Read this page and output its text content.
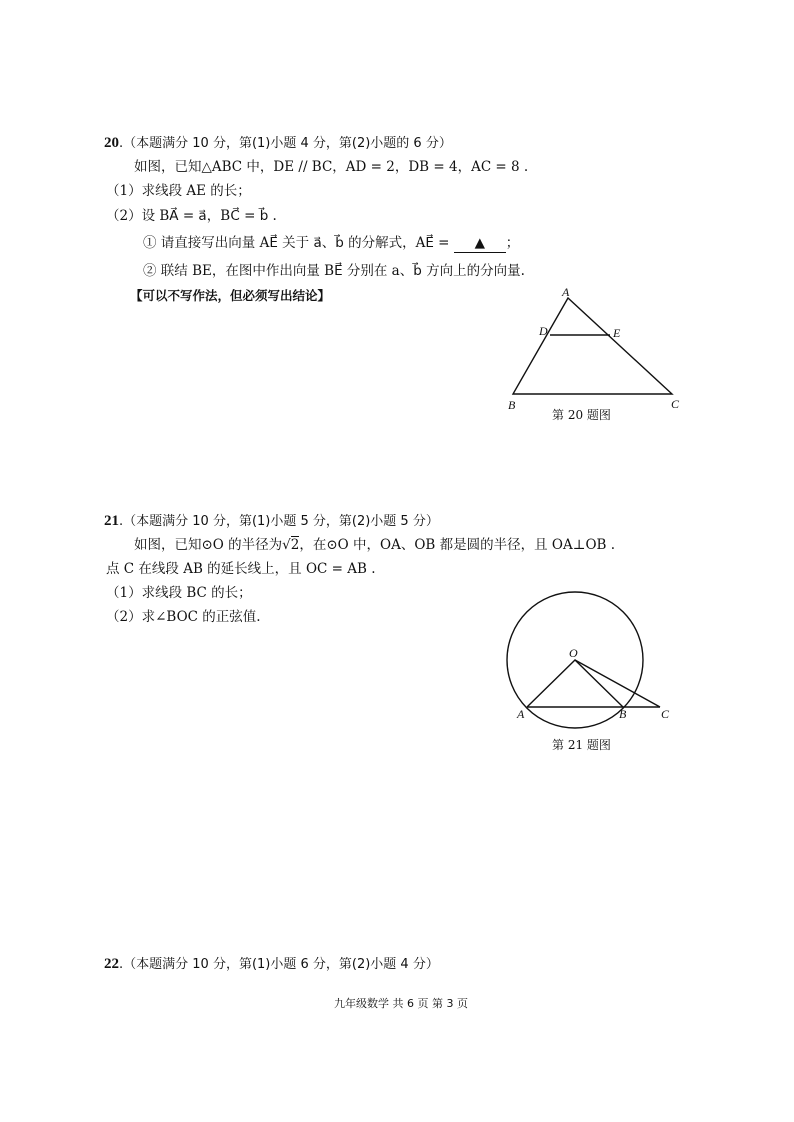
20.（本题满分 10 分，第(1)小题 4 分，第(2)小题的 6 分）
如图，已知△ABC 中，DE // BC，AD = 2，DB = 4，AC = 8 .
（1）求线段 AE 的长；
（2）设 BA⃗ = a⃗，BC⃗ = b⃗ .
① 请直接写出向量 AE⃗ 关于 a⃗、b⃗ 的分解式，AE⃗ = ▲ ；
② 联结 BE，在图中作出向量 BE⃗ 分别在 a、b⃗ 方向上的分向量.
【可以不写作法，但必须写出结论】	A
D	E
B	C
第 20 题图
21.（本题满分 10 分，第(1)小题 5 分，第(2)小题 5 分）
如图，已知⊙O 的半径为√2，在⊙O 中，OA、OB 都是圆的半径，且 OA⊥OB .
点 C 在线段 AB 的延长线上，且 OC = AB .
（1）求线段 BC 的长；
（2）求∠BOC 的正弦值.
O
A	B	C
第 21 题图
22.（本题满分 10 分，第(1)小题 6 分，第(2)小题 4 分）
九年级数学 共 6 页 第 3 页
